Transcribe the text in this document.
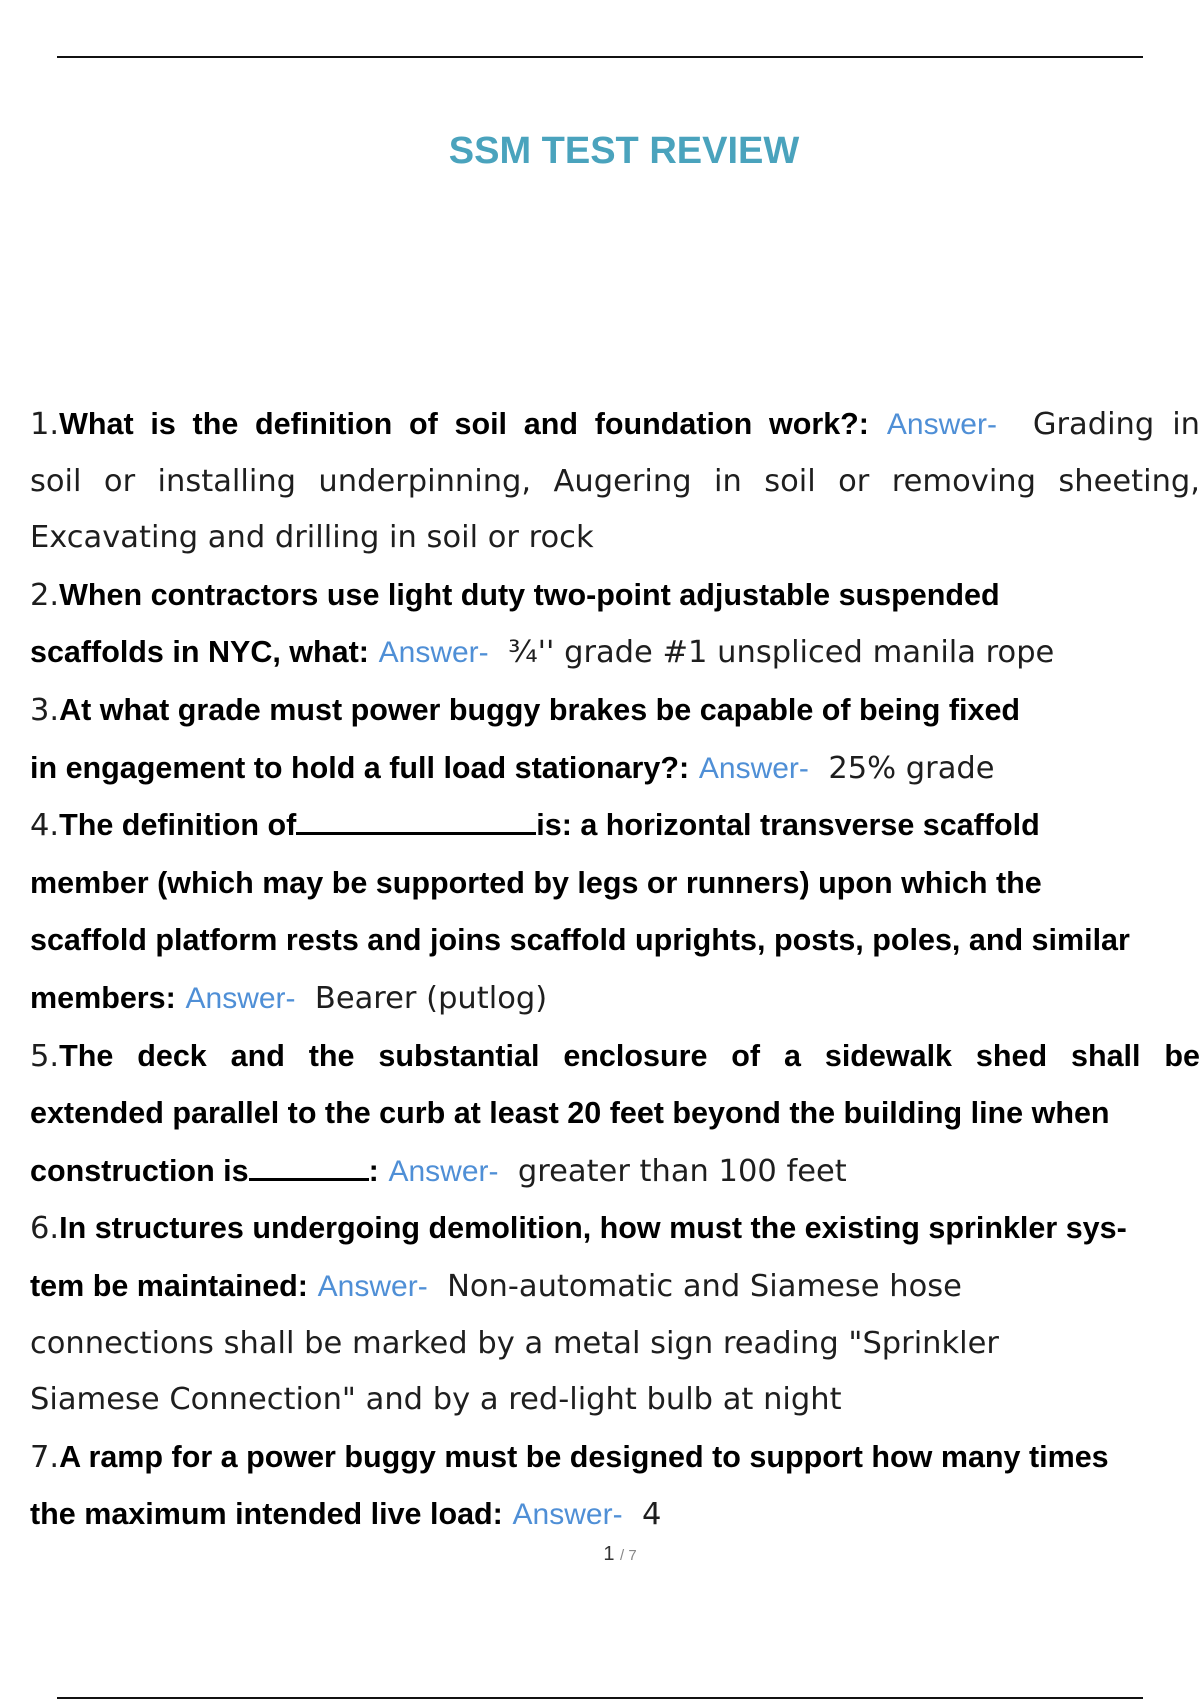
SSM TEST REVIEW
1.What is the definition of soil and foundation work?: Answer- Grading in
soil or installing underpinning, Augering in soil or removing sheeting,
Excavating and drilling in soil or rock
2.When contractors use light duty two-point adjustable suspended
scaffolds in NYC, what: Answer- ¾'' grade #1 unspliced manila rope
3.At what grade must power buggy brakes be capable of being fixed
in engagement to hold a full load stationary?: Answer- 25% grade
4.The definition of	is: a horizontal transverse scaffold
member (which may be supported by legs or runners) upon which the
scaffold platform rests and joins scaffold uprights, posts, poles, and similar
members: Answer- Bearer (putlog)
5.The deck and the substantial enclosure of a sidewalk shed shall be
extended parallel to the curb at least 20 feet beyond the building line when
construction is	: Answer- greater than 100 feet
6.In structures undergoing demolition, how must the existing sprinkler sys-
tem be maintained: Answer- Non-automatic and Siamese hose
connections shall be marked by a metal sign reading "Sprinkler
Siamese Connection" and by a red-light bulb at night
7.A ramp for a power buggy must be designed to support how many times
the maximum intended live load: Answer- 4
1 / 7
